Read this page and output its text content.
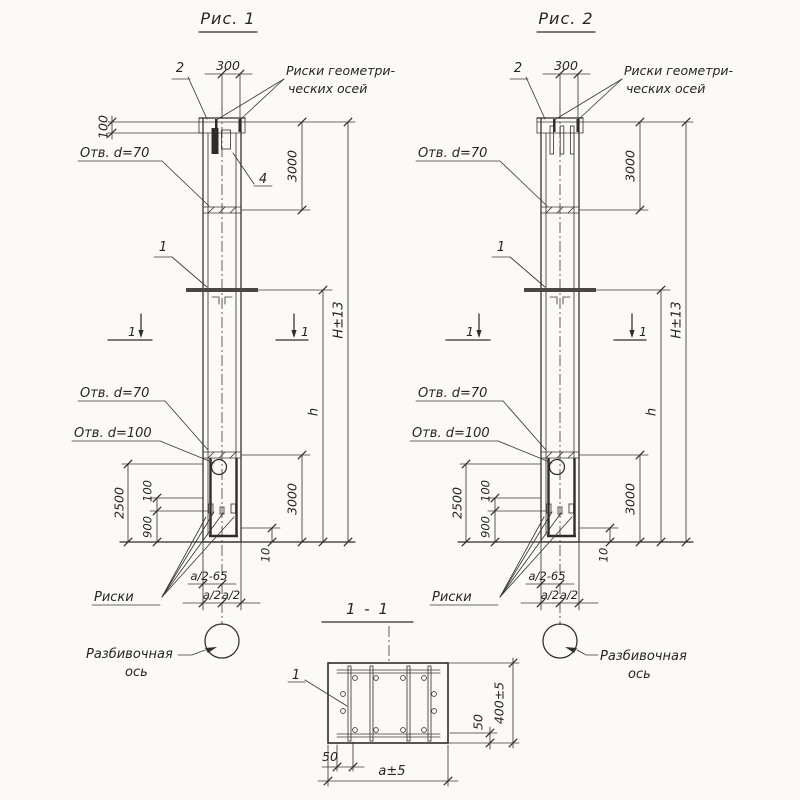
Рис. 1
2	300	Риски геометри-
ческих осей
100
Отв. d=70
4 3000
1
1	1 H±13
h
Отв. d=70
Отв. d=100
2500 100
900
3000
10
a/2-65
a/2 a/2
Риски
Разбивочная
ось
Рис. 2
2	300	Риски геометри-
ческих осей
Отв. d=70	3000
1
1	1 H±13
h
Отв. d=70
Отв. d=100
2500 100
900
3000
10
a/2-65
a/2 a/2
Риски
Разбивочная
ось
1 - 1
1
50
a±5
50 400±5
